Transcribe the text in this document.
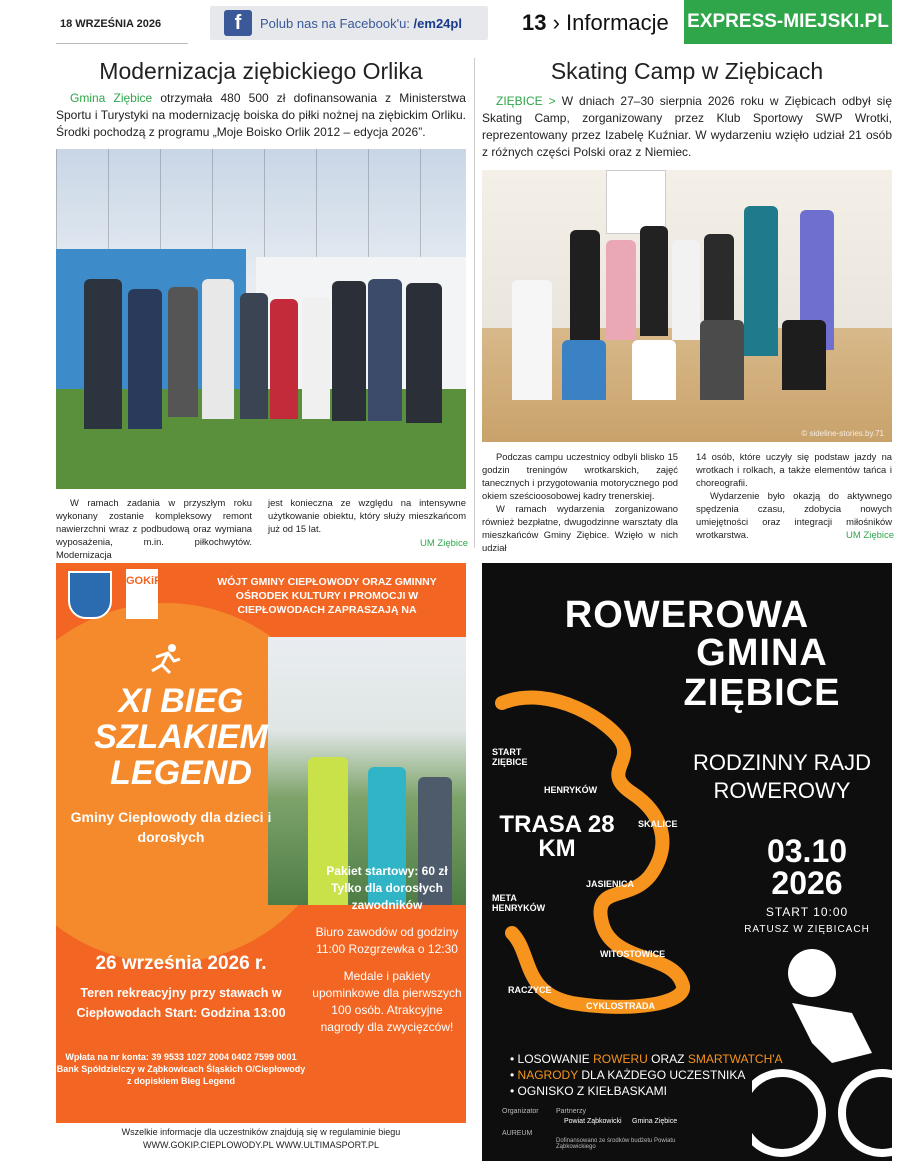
18 WRZEŚNIA 2026	f	Polub nas na Facebook'u: /em24pl	13 › Informacje EXPRESS-MIEJSKI.PL
Modernizacja ziębickiego Orlika
Gmina Ziębice otrzymała 480 500 zł dofinansowania z Ministerstwa Sportu i Turystyki na modernizację boiska do piłki nożnej na ziębickim Orliku. Środki pochodzą z programu „Moje Boisko Orlik 2012 – edycja 2026”.

W ramach zadania w przyszłym roku wykonany zostanie kompleksowy remont nawierzchni wraz z podbudową oraz wymiana wyposażenia, m.in. piłkochwytów. Modernizacja

jest konieczna ze względu na intensywne użytkowanie obiektu, który służy mieszkańcom już od 15 lat.

UM Ziębice
Skating Camp w Ziębicach
ZIĘBICE > W dniach 27–30 sierpnia 2026 roku w Ziębicach odbył się Skating Camp, zorganizowany przez Klub Sportowy SWP Wrotki, reprezentowany przez Izabelę Kuźniar. W wydarzeniu wzięło udział 21 osób z różnych części Polski oraz z Niemiec.
© sideline-stories.by.71

Podczas campu uczestnicy odbyli blisko 15 godzin treningów wrotkarskich, zajęć tanecznych i przygotowania motorycznego pod okiem sześcioosobowej kadry trenerskiej.

W ramach wydarzenia zorganizowano również bezpłatne, dwugodzinne warsztaty dla mieszkańców Gminy Ziębice. Wzięło w nich udział

14 osób, które uczyły się podstaw jazdy na wrotkach i rolkach, a także elementów tańca i choreografii.

Wydarzenie było okazją do aktywnego spędzenia czasu, zdobycia nowych umiejętności oraz integracji miłośników wrotkarstwa.	UM Ziębice
GOKiP	WÓJT GMINY CIEPŁOWODY ORAZ GMINNY OŚRODEK KULTURY I PROMOCJI W CIEPŁOWODACH ZAPRASZAJĄ NA
XI BIEG
SZLAKIEM
LEGEND
Gminy Ciepłowody dla dzieci i dorosłych
Pakiet startowy: 60 zł Tylko dla dorosłych zawodników
Biuro zawodów od godziny 11:00 Rozgrzewka o 12:30
Medale i pakiety upominkowe dla pierwszych 100 osób. Atrakcyjne nagrody dla zwycięzców!
26 września 2026 r.
Teren rekreacyjny przy stawach w Ciepłowodach Start: Godzina 13:00
Wpłata na nr konta: 39 9533 1027 2004 0402 7599 0001 Bank Spółdzielczy w Ząbkowicach Śląskich O/Ciepłowody z dopiskiem Bieg Legend
Wszelkie informacje dla uczestników znajdują się w regulaminie biegu
WWW.GOKIP.CIEPLOWODY.PL WWW.ULTIMASPORT.PL
ROWEROWA
GMINA
ZIĘBICE
RODZINNY RAJD ROWEROWY
TRASA 28 KM	03.10
2026
START 10:00
RATUSZ W ZIĘBICACH
START ZIĘBICE
HENRYKÓW
SKALICE
JASIENICA
META HENRYKÓW
WITOSTOWICE
RACZYCE
CYKLOSTRADA
• LOSOWANIE ROWERU ORAZ SMARTWATCH'A
• NAGRODY DLA KAŻDEGO UCZESTNIKA
• OGNISKO Z KIEŁBASKAMI
Organizator Partnerzy
AUREUM
Powiat Ząbkowicki Gmina Ziębice
Dofinansowano ze środków budżetu Powiatu Ząbkowickiego
